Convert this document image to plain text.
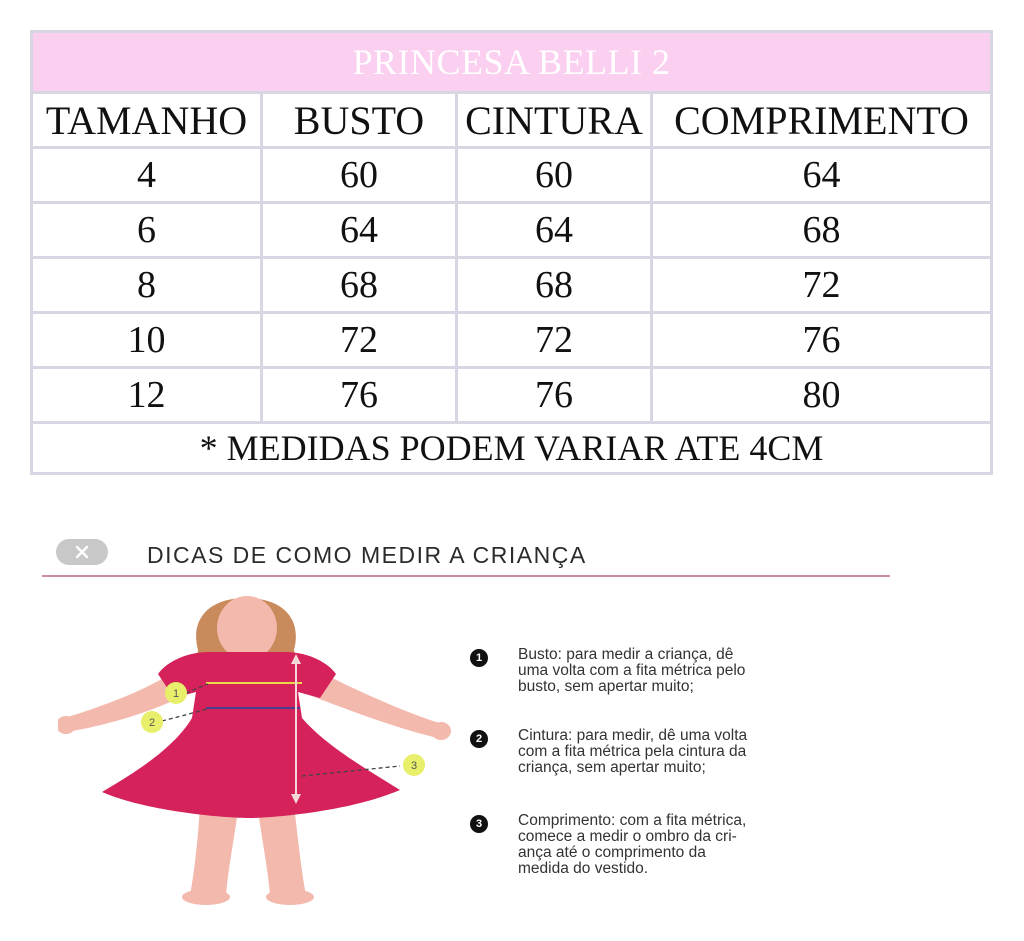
PRINCESA BELLI 2			
TAMANHO	BUSTO	CINTURA	COMPRIMENTO
4	60	60	64
6	64	64	68
8	68	68	72
10	72	72	76
12	76	76	80
* MEDIDAS PODEM VARIAR ATE 4CM			
DICAS DE COMO MEDIR A CRIANÇA
1
2
3
1	Busto: para medir a criança, dê
uma volta com a fita métrica pelo
busto, sem apertar muito;
2	Cintura: para medir, dê uma volta
com a fita métrica pela cintura da
criança, sem apertar muito;
3	Comprimento: com a fita métrica,
comece a medir o ombro da cri-
ança até o comprimento da
medida do vestido.
